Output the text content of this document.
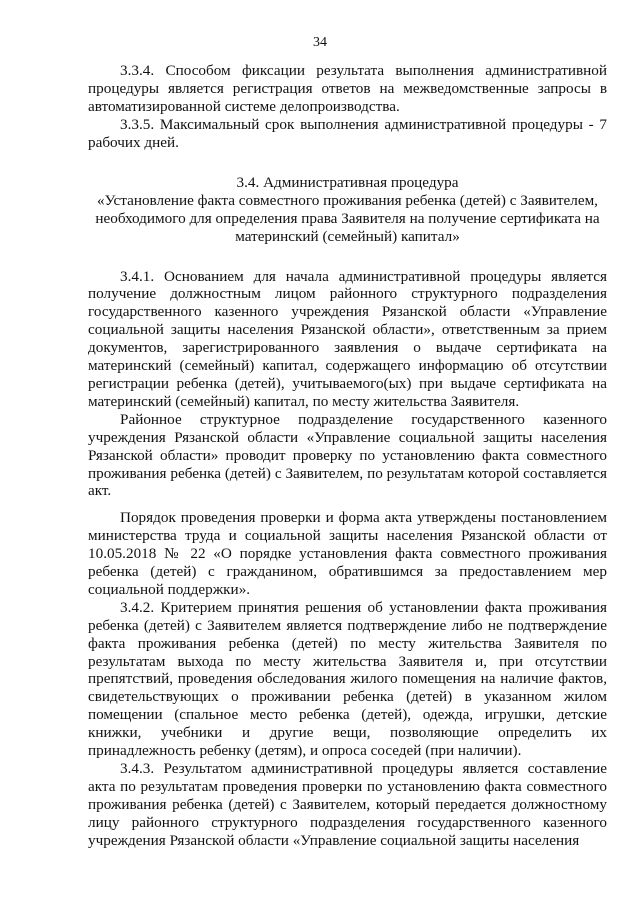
34

3.3.4. Способом фиксации результата выполнения административной процедуры является регистрация ответов на межведомственные запросы в автоматизированной системе делопроизводства.

3.3.5. Максимальный срок выполнения административной процедуры - 7 рабочих дней.

3.4. Административная процедура
«Установление факта совместного проживания ребенка (детей) с Заявителем, необходимого для определения права Заявителя на получение сертификата на материнский (семейный) капитал»

3.4.1. Основанием для начала административной процедуры является получение должностным лицом районного структурного подразделения государственного казенного учреждения Рязанской области «Управление социальной защиты населения Рязанской области», ответственным за прием документов, зарегистрированного заявления о выдаче сертификата на материнский (семейный) капитал, содержащего информацию об отсутствии регистрации ребенка (детей), учитываемого(ых) при выдаче сертификата на материнский (семейный) капитал, по месту жительства Заявителя.

Районное структурное подразделение государственного казенного учреждения Рязанской области «Управление социальной защиты населения Рязанской области» проводит проверку по установлению факта совместного проживания ребенка (детей) с Заявителем, по результатам которой составляется акт.

Порядок проведения проверки и форма акта утверждены постановлением министерства труда и социальной защиты населения Рязанской области от 10.05.2018 № 22 «О порядке установления факта совместного проживания ребенка (детей) с гражданином, обратившимся за предоставлением мер социальной поддержки».

3.4.2. Критерием принятия решения об установлении факта проживания ребенка (детей) с Заявителем является подтверждение либо не подтверждение факта проживания ребенка (детей) по месту жительства Заявителя по результатам выхода по месту жительства Заявителя и, при отсутствии препятствий, проведения обследования жилого помещения на наличие фактов, свидетельствующих о проживании ребенка (детей) в указанном жилом помещении (спальное место ребенка (детей), одежда, игрушки, детские книжки, учебники и другие вещи, позволяющие определить их принадлежность ребенку (детям), и опроса соседей (при наличии).

3.4.3. Результатом административной процедуры является составление акта по результатам проведения проверки по установлению факта совместного проживания ребенка (детей) с Заявителем, который передается должностному лицу районного структурного подразделения государственного казенного учреждения Рязанской области «Управление социальной защиты населения
